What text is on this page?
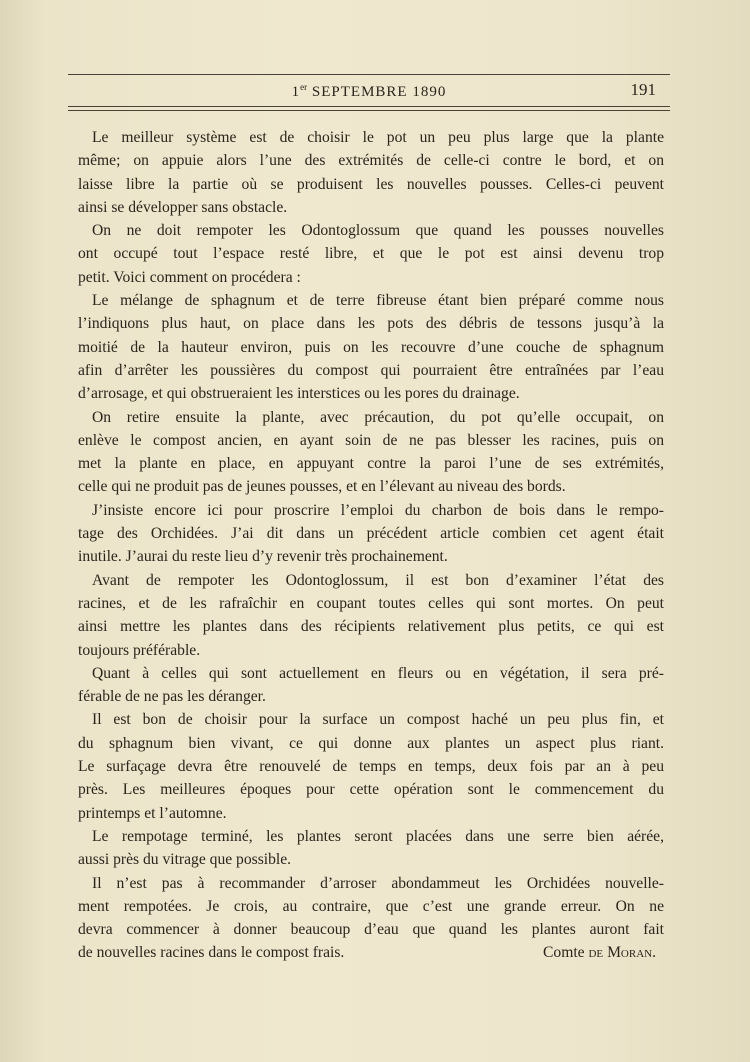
1er SEPTEMBRE 1890	191
Le meilleur système est de choisir le pot un peu plus large que la plante
même; on appuie alors l’une des extrémités de celle-ci contre le bord, et on
laisse libre la partie où se produisent les nouvelles pousses. Celles-ci peuvent
ainsi se développer sans obstacle.
On ne doit rempoter les Odontoglossum que quand les pousses nouvelles
ont occupé tout l’espace resté libre, et que le pot est ainsi devenu trop
petit. Voici comment on procédera :
Le mélange de sphagnum et de terre fibreuse étant bien préparé comme nous
l’indiquons plus haut, on place dans les pots des débris de tessons jusqu’à la
moitié de la hauteur environ, puis on les recouvre d’une couche de sphagnum
afin d’arrêter les poussières du compost qui pourraient être entraînées par l’eau
d’arrosage, et qui obstrueraient les interstices ou les pores du drainage.
On retire ensuite la plante, avec précaution, du pot qu’elle occupait, on
enlève le compost ancien, en ayant soin de ne pas blesser les racines, puis on
met la plante en place, en appuyant contre la paroi l’une de ses extrémités,
celle qui ne produit pas de jeunes pousses, et en l’élevant au niveau des bords.
J’insiste encore ici pour proscrire l’emploi du charbon de bois dans le rempo-
tage des Orchidées. J’ai dit dans un précédent article combien cet agent était
inutile. J’aurai du reste lieu d’y revenir très prochainement.
Avant de rempoter les Odontoglossum, il est bon d’examiner l’état des
racines, et de les rafraîchir en coupant toutes celles qui sont mortes. On peut
ainsi mettre les plantes dans des récipients relativement plus petits, ce qui est
toujours préférable.
Quant à celles qui sont actuellement en fleurs ou en végétation, il sera pré-
férable de ne pas les déranger.
Il est bon de choisir pour la surface un compost haché un peu plus fin, et
du sphagnum bien vivant, ce qui donne aux plantes un aspect plus riant.
Le surfaçage devra être renouvelé de temps en temps, deux fois par an à peu
près. Les meilleures époques pour cette opération sont le commencement du
printemps et l’automne.
Le rempotage terminé, les plantes seront placées dans une serre bien aérée,
aussi près du vitrage que possible.
Il n’est pas à recommander d’arroser abondammeut les Orchidées nouvelle-
ment rempotées. Je crois, au contraire, que c’est une grande erreur. On ne
devra commencer à donner beaucoup d’eau que quand les plantes auront fait
de nouvelles racines dans le compost frais.	Comte de Moran.
